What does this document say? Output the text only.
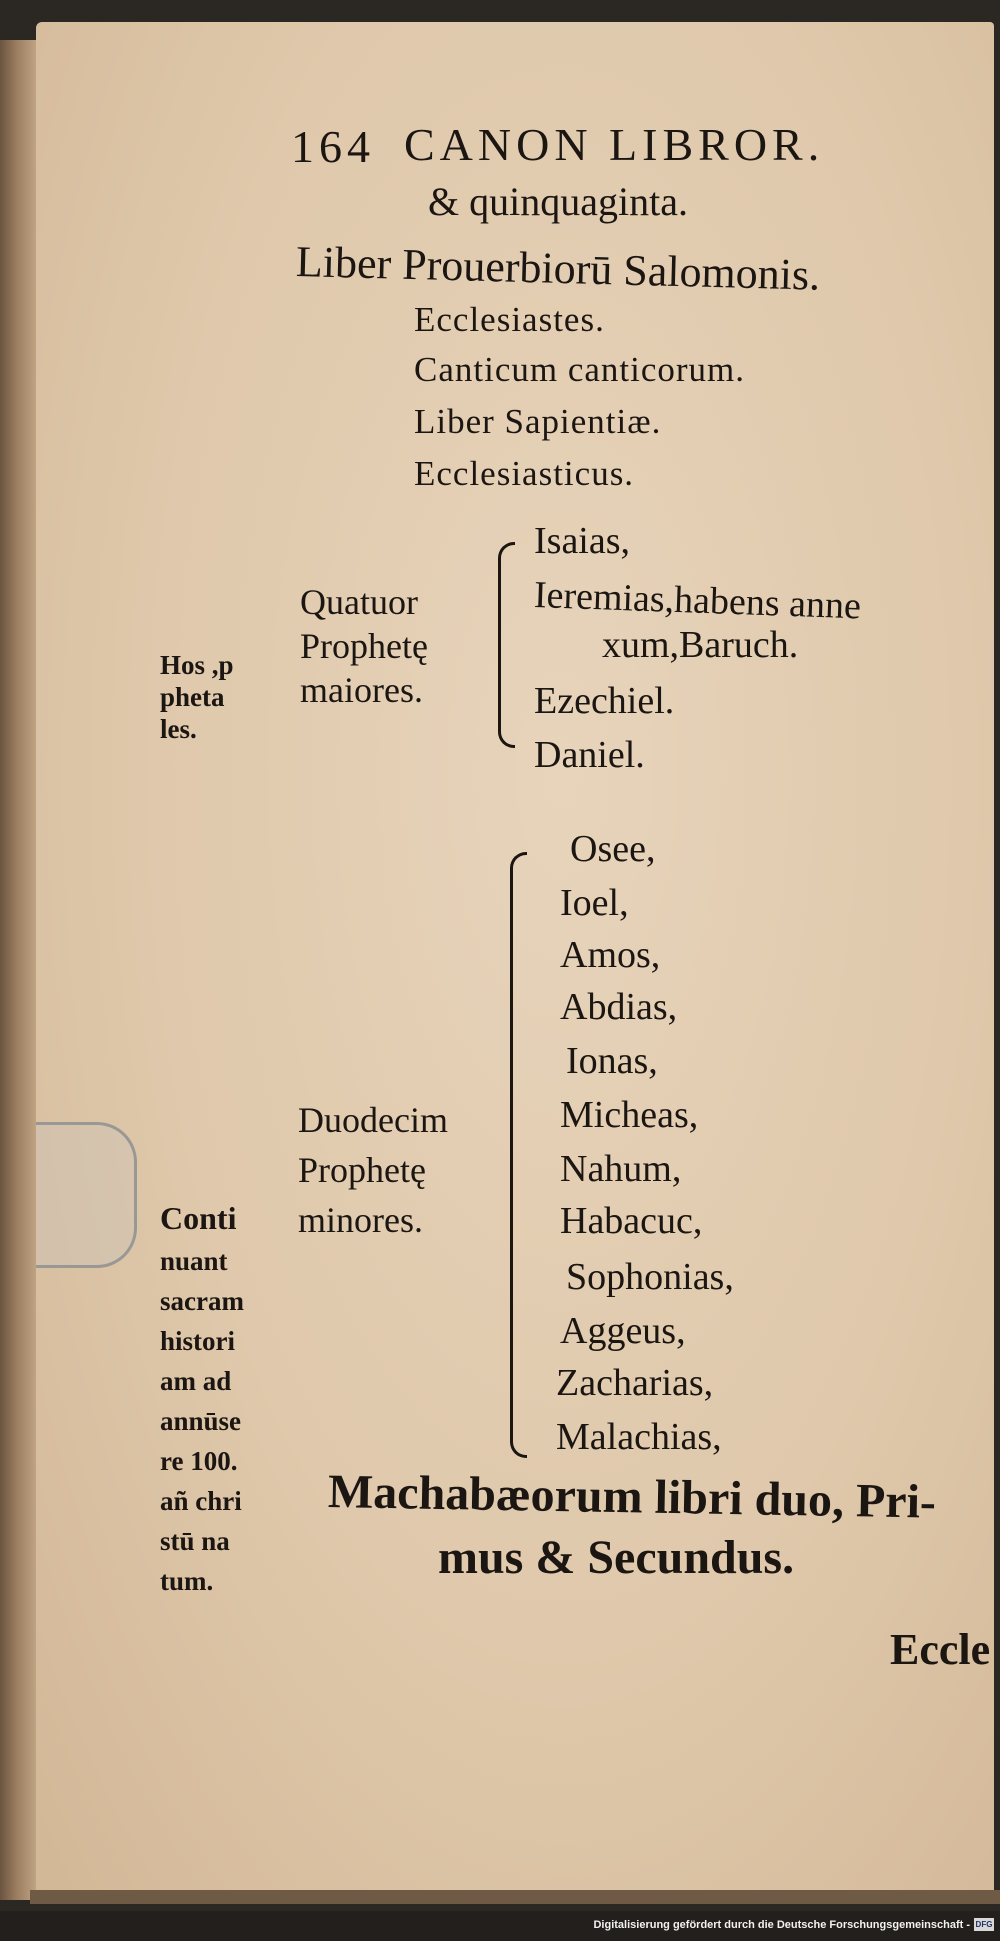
164 CANON LIBROR.
& quinquaginta.
Liber Prouerbiorū Salomonis.
Ecclesiastes.
Canticum canticorum.
Liber Sapientiæ.
Ecclesiasticus.
Hos ,p
pheta
les.
Quatuor
Prophetę
maiores.
Isaias,
Ieremias,habens anne
xum,Baruch.
Ezechiel.
Daniel.
Duodecim
Prophetę
minores.
Osee,
Ioel,
Amos,
Abdias,
Ionas,
Micheas,
Nahum,
Habacuc,
Sophonias,
Aggeus,
Zacharias,
Malachias,
Conti
nuant
sacram
histori
am ad
annūse
re 100.
añ chri
stū na
tum.
Machabæorum libri duo, Pri-
mus & Secundus.
Eccle
Digitalisierung gefördert durch die Deutsche Forschungsgemeinschaft - DFG
